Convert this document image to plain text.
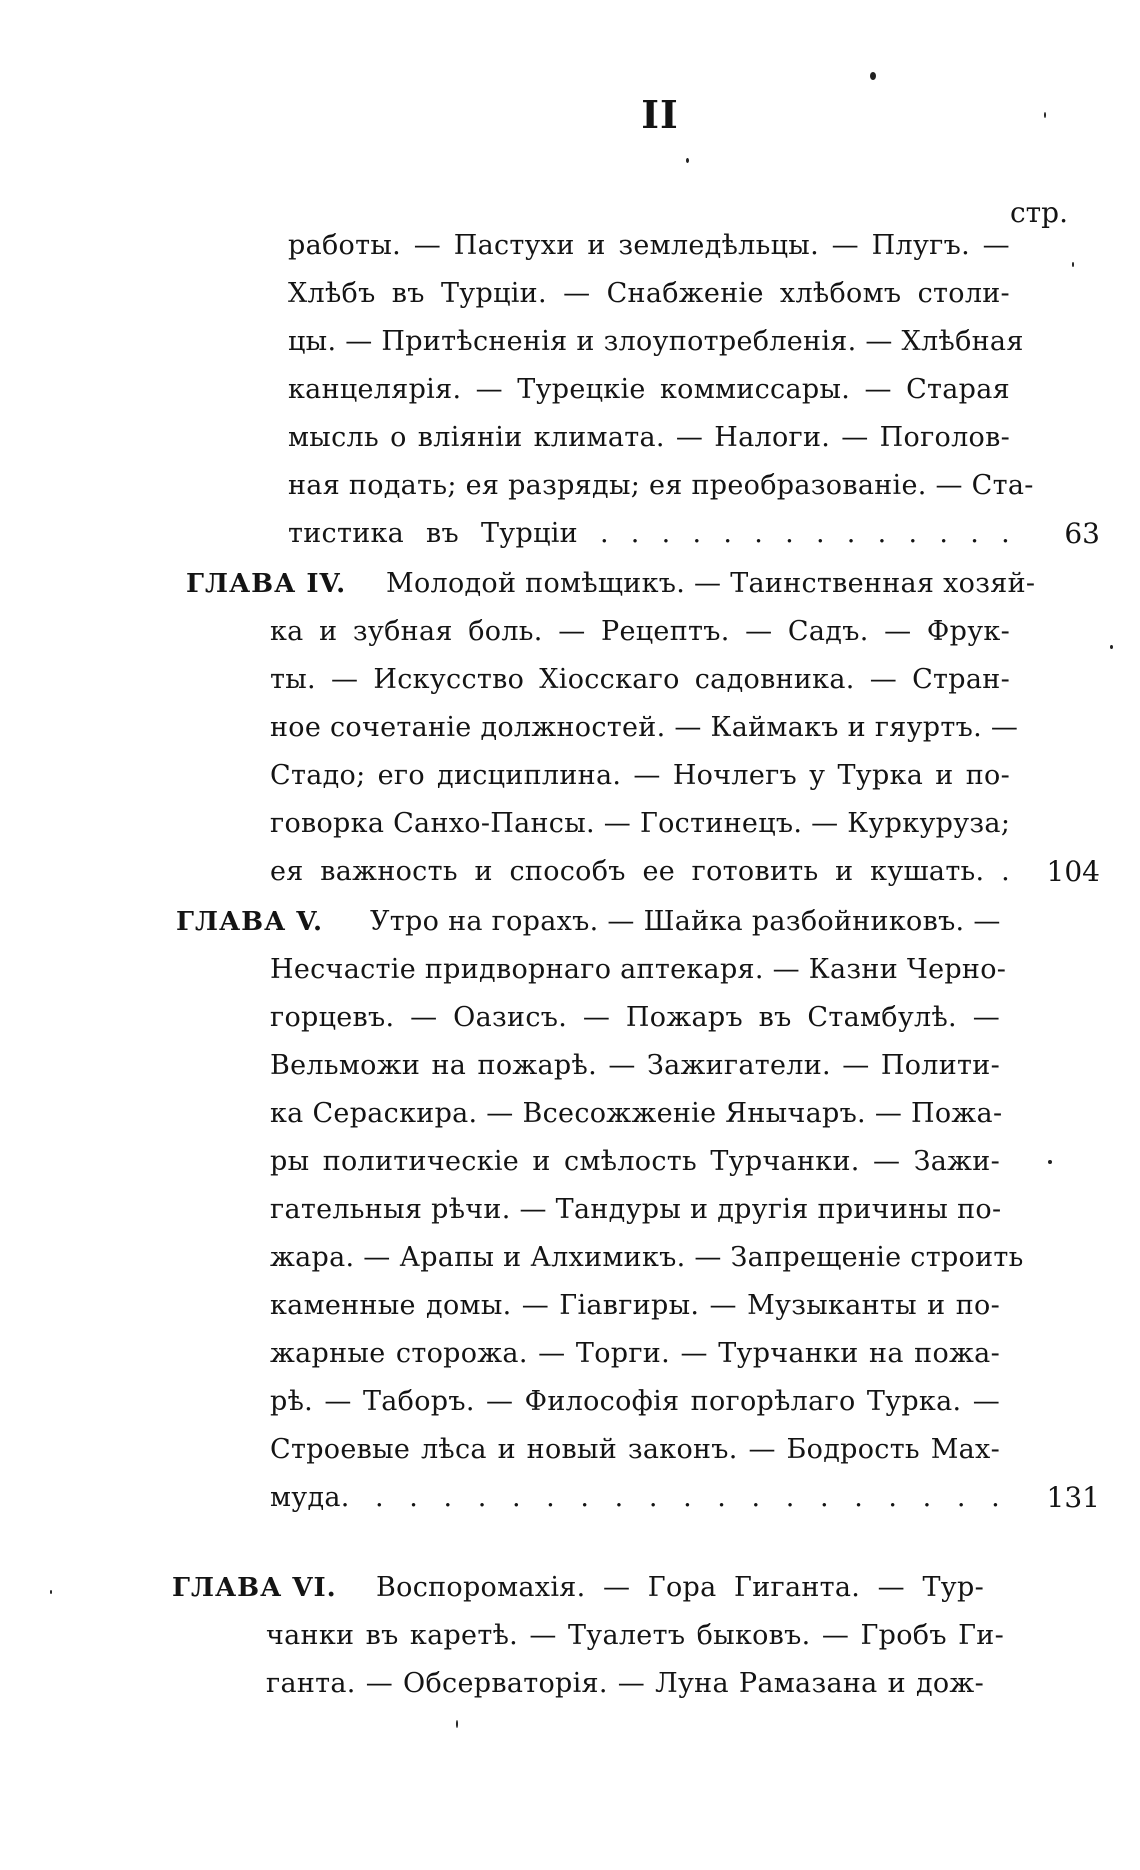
II
стр.
работы. — Пастухи и земледѣльцы. — Плугъ. —
Хлѣбъ въ Турціи. — Снабженіе хлѣбомъ столи-
цы. — Притѣсненія и злоупотребленія. — Хлѣбная
канцелярія. — Турецкіе коммиссары. — Старая
мысль о вліяніи климата. — Налоги. — Поголов-
ная подать; ея разряды; ея преобразованіе. — Ста-
тистика въ Турціи . . . . . . . . . . . . . .	63
ГЛАВА IV. Молодой помѣщикъ. — Таинственная хозяй-
ка и зубная боль. — Рецептъ. — Садъ. — Фрук-
ты. — Искусство Хіосскаго садовника. — Стран-
ное сочетаніе должностей. — Каймакъ и гяуртъ. —
Стадо; его дисциплина. — Ночлегъ у Турка и по-
говорка Санхо-Пансы. — Гостинецъ. — Куркуруза;
ея важность и способъ ее готовить и кушать. .	104
ГЛАВА V. Утро на горахъ. — Шайка разбойниковъ. —
Несчастіе придворнаго аптекаря. — Казни Черно-
горцевъ. — Оазисъ. — Пожаръ въ Стамбулѣ. —
Вельможи на пожарѣ. — Зажигатели. — Полити-
ка Сераскира. — Всесожженіе Янычаръ. — Пожа-
ры политическіе и смѣлость Турчанки. — Зажи-
гательныя рѣчи. — Тандуры и другія причины по-
жара. — Арапы и Алхимикъ. — Запрещеніе строить
каменные домы. — Гіавгиры. — Музыканты и по-
жарные сторожа. — Торги. — Турчанки на пожа-
рѣ. — Таборъ. — Философія погорѣлаго Турка. —
Строевые лѣса и новый законъ. — Бодрость Мах-
муда. . . . . . . . . . . . . . . . . . . .	131
ГЛАВА VI. Воспоромахія. — Гора Гиганта. — Тур-
чанки въ каретѣ. — Туалетъ быковъ. — Гробъ Ги-
ганта. — Обсерваторія. — Луна Рамазана и дож-
